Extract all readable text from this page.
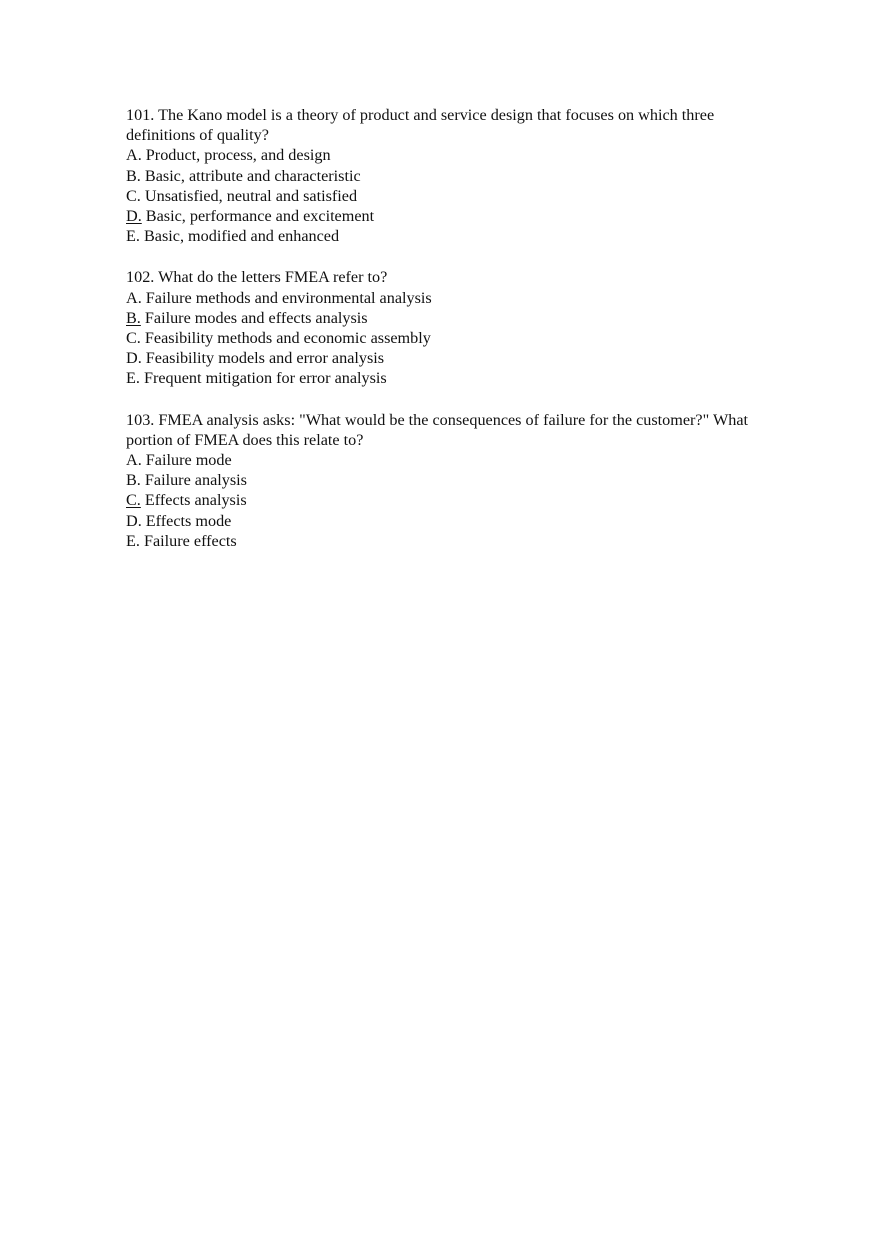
101. The Kano model is a theory of product and service design that focuses on which three definitions of quality?
A. Product, process, and design
B. Basic, attribute and characteristic
C. Unsatisfied, neutral and satisfied
D. Basic, performance and excitement
E. Basic, modified and enhanced
102. What do the letters FMEA refer to?
A. Failure methods and environmental analysis
B. Failure modes and effects analysis
C. Feasibility methods and economic assembly
D. Feasibility models and error analysis
E. Frequent mitigation for error analysis
103. FMEA analysis asks: "What would be the consequences of failure for the customer?" What portion of FMEA does this relate to?
A. Failure mode
B. Failure analysis
C. Effects analysis
D. Effects mode
E. Failure effects
